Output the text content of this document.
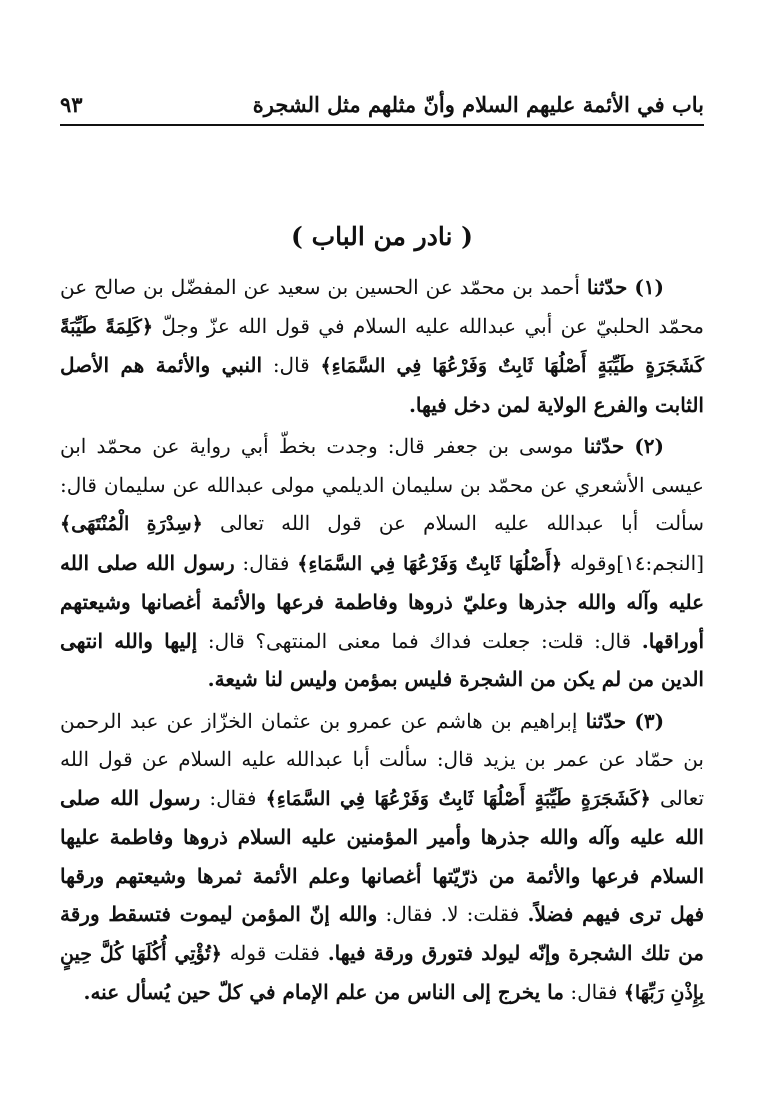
باب في الأئمة عليهم السلام وأنّ مثلهم مثل الشجرة
٩٣
( نادر من الباب )

(١) حدّثنا أحمد بن محمّد عن الحسين بن سعيد عن المفضّل بن صالح عن محمّد الحلبيّ عن أبي عبدالله عليه السلام في قول الله عزّ وجلّ ﴿كَلِمَةً طَيِّبَةً كَشَجَرَةٍ طَيِّبَةٍ أَصْلُهَا ثَابِتٌ وَفَرْعُهَا فِي السَّمَاءِ﴾ قال: النبي والأئمة هم الأصل الثابت والفرع الولاية لمن دخل فيها.

(٢) حدّثنا موسى بن جعفر قال: وجدت بخطّ أبي رواية عن محمّد ابن عيسى الأشعري عن محمّد بن سليمان الديلمي مولى عبدالله عن سليمان قال: سألت أبا عبدالله عليه السلام عن قول الله تعالى ﴿سِدْرَةِ الْمُنْتَهَى﴾ [النجم:١٤]وقوله ﴿أَصْلُهَا ثَابِتٌ وَفَرْعُهَا فِي السَّمَاءِ﴾ فقال: رسول الله صلى الله عليه وآله والله جذرها وعليّ ذروها وفاطمة فرعها والأئمة أغصانها وشيعتهم أوراقها. قال: قلت: جعلت فداك فما معنى المنتهى؟ قال: إليها والله انتهى الدين من لم يكن من الشجرة فليس بمؤمن وليس لنا شيعة.

(٣) حدّثنا إبراهيم بن هاشم عن عمرو بن عثمان الخزّاز عن عبد الرحمن بن حمّاد عن عمر بن يزيد قال: سألت أبا عبدالله عليه السلام عن قول الله تعالى ﴿كَشَجَرَةٍ طَيِّبَةٍ أَصْلُهَا ثَابِتٌ وَفَرْعُهَا فِي السَّمَاءِ﴾ فقال: رسول الله صلى الله عليه وآله والله جذرها وأمير المؤمنين عليه السلام ذروها وفاطمة عليها السلام فرعها والأئمة من ذرّيّتها أغصانها وعلم الأئمة ثمرها وشيعتهم ورقها فهل ترى فيهم فضلاً. فقلت: لا. فقال: والله إنّ المؤمن ليموت فتسقط ورقة من تلك الشجرة وإنّه ليولد فتورق ورقة فيها. فقلت قوله ﴿تُؤْتِي أُكُلَهَا كُلَّ حِينٍ بِإِذْنِ رَبِّهَا﴾ فقال: ما يخرج إلى الناس من علم الإمام في كلّ حين يُسأل عنه.
